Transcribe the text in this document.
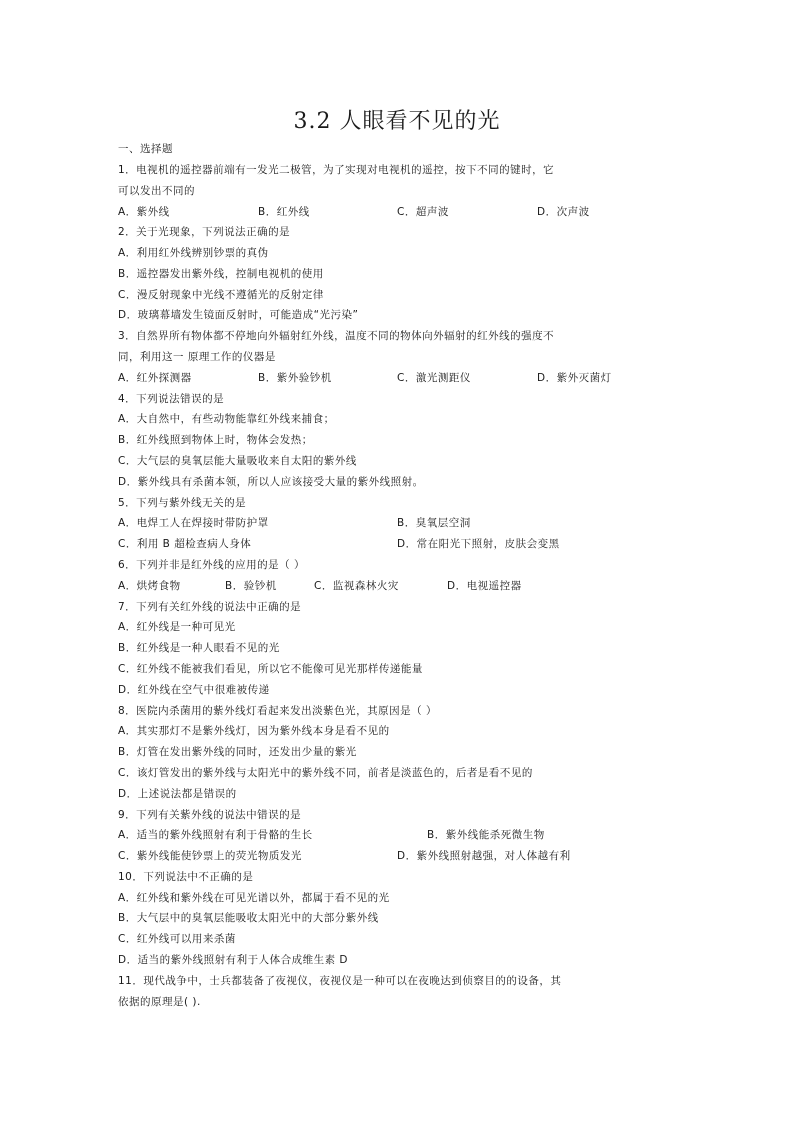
3.2 人眼看不见的光
一、选择题
1．电视机的遥控器前端有一发光二极管，为了实现对电视机的遥控，按下不同的键时，它
可以发出不同的
A．紫外线	B．红外线	C．超声波	D．次声波
2．关于光现象，下列说法正确的是
A．利用红外线辨别钞票的真伪
B．遥控器发出紫外线，控制电视机的使用
C．漫反射现象中光线不遵循光的反射定律
D．玻璃幕墙发生镜面反射时，可能造成“光污染”
3．自然界所有物体都不停地向外辐射红外线，温度不同的物体向外辐射的红外线的强度不
同，利用这一 原理工作的仪器是
A．红外探测器	B．紫外验钞机	C．激光测距仪	D．紫外灭菌灯
4．下列说法错误的是
A．大自然中，有些动物能靠红外线来捕食；
B．红外线照到物体上时，物体会发热；
C．大气层的臭氧层能大量吸收来自太阳的紫外线
D．紫外线具有杀菌本领，所以人应该接受大量的紫外线照射。
5．下列与紫外线无关的是
A．电焊工人在焊接时带防护罩	B．臭氧层空洞
C．利用 B 超检查病人身体	D．常在阳光下照射，皮肤会变黑
6．下列并非是红外线的应用的是（ ）
A．烘烤食物	B．验钞机	C．监视森林火灾	D．电视遥控器
7．下列有关红外线的说法中正确的是
A．红外线是一种可见光
B．红外线是一种人眼看不见的光
C．红外线不能被我们看见，所以它不能像可见光那样传递能量
D．红外线在空气中很难被传递
8．医院内杀菌用的紫外线灯看起来发出淡紫色光，其原因是（ ）
A．其实那灯不是紫外线灯，因为紫外线本身是看不见的
B．灯管在发出紫外线的同时，还发出少量的紫光
C．该灯管发出的紫外线与太阳光中的紫外线不同，前者是淡蓝色的，后者是看不见的
D．上述说法都是错误的
9．下列有关紫外线的说法中错误的是
A．适当的紫外线照射有利于骨骼的生长	B．紫外线能杀死微生物
C．紫外线能使钞票上的荧光物质发光	D．紫外线照射越强，对人体越有利
10．下列说法中不正确的是
A．红外线和紫外线在可见光谱以外，都属于看不见的光
B．大气层中的臭氧层能吸收太阳光中的大部分紫外线
C．红外线可以用来杀菌
D．适当的紫外线照射有利于人体合成维生素 D
11．现代战争中，士兵都装备了夜视仪，夜视仪是一种可以在夜晚达到侦察目的的设备，其
依据的原理是( ).
